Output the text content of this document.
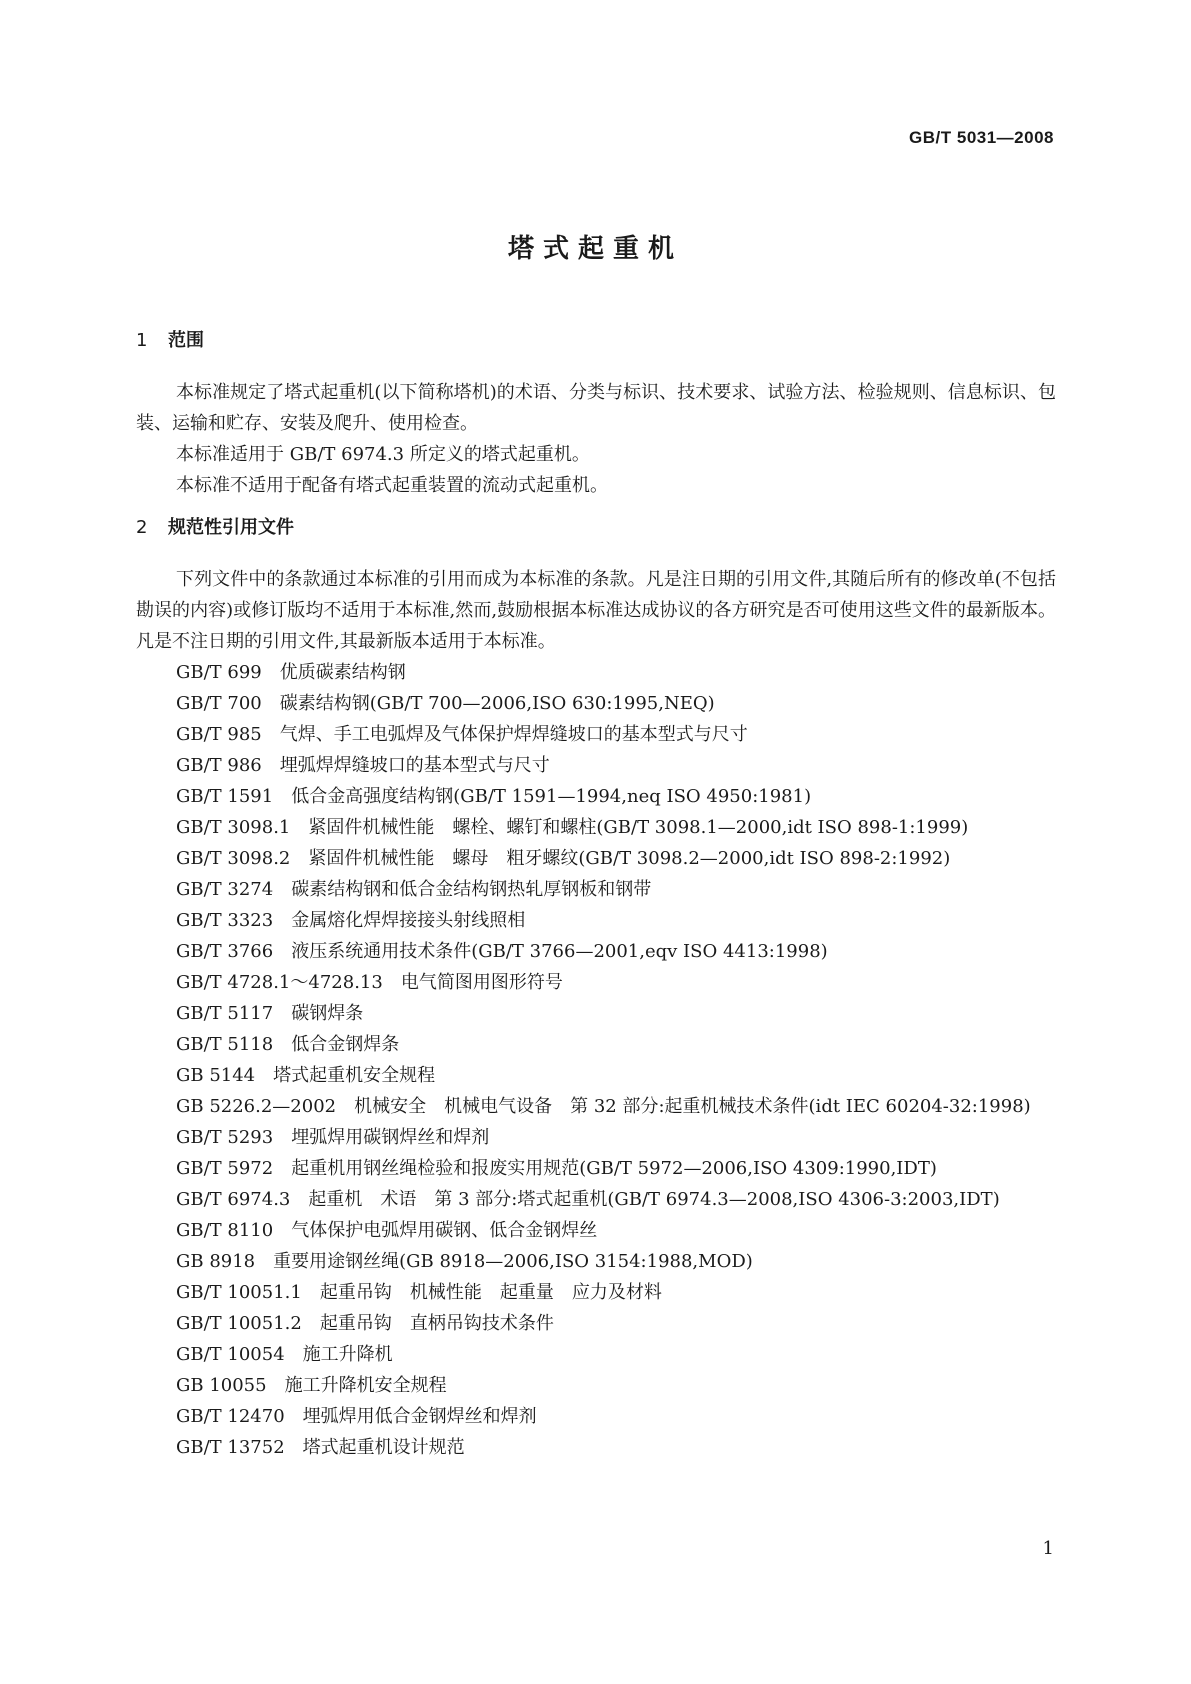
GB/T 5031—2008
塔式起重机
1 范围

本标准规定了塔式起重机(以下简称塔机)的术语、分类与标识、技术要求、试验方法、检验规则、信息标识、包装、运输和贮存、安装及爬升、使用检查。

本标准适用于 GB/T 6974.3 所定义的塔式起重机。

本标准不适用于配备有塔式起重装置的流动式起重机。

2 规范性引用文件

下列文件中的条款通过本标准的引用而成为本标准的条款。凡是注日期的引用文件,其随后所有的修改单(不包括勘误的内容)或修订版均不适用于本标准,然而,鼓励根据本标准达成协议的各方研究是否可使用这些文件的最新版本。凡是不注日期的引用文件,其最新版本适用于本标准。

GB/T 699 优质碳素结构钢

GB/T 700 碳素结构钢(GB/T 700—2006,ISO 630:1995,NEQ)

GB/T 985 气焊、手工电弧焊及气体保护焊焊缝坡口的基本型式与尺寸

GB/T 986 埋弧焊焊缝坡口的基本型式与尺寸

GB/T 1591 低合金高强度结构钢(GB/T 1591—1994,neq ISO 4950:1981)

GB/T 3098.1 紧固件机械性能　螺栓、螺钉和螺柱(GB/T 3098.1—2000,idt ISO 898-1:1999)

GB/T 3098.2 紧固件机械性能　螺母　粗牙螺纹(GB/T 3098.2—2000,idt ISO 898-2:1992)

GB/T 3274 碳素结构钢和低合金结构钢热轧厚钢板和钢带

GB/T 3323 金属熔化焊焊接接头射线照相

GB/T 3766 液压系统通用技术条件(GB/T 3766—2001,eqv ISO 4413:1998)

GB/T 4728.1～4728.13 电气简图用图形符号

GB/T 5117 碳钢焊条

GB/T 5118 低合金钢焊条

GB 5144 塔式起重机安全规程

GB 5226.2—2002 机械安全　机械电气设备　第 32 部分:起重机械技术条件(idt IEC 60204-32:1998)

GB/T 5293 埋弧焊用碳钢焊丝和焊剂

GB/T 5972 起重机用钢丝绳检验和报废实用规范(GB/T 5972—2006,ISO 4309:1990,IDT)

GB/T 6974.3 起重机　术语　第 3 部分:塔式起重机(GB/T 6974.3—2008,ISO 4306-3:2003,IDT)

GB/T 8110 气体保护电弧焊用碳钢、低合金钢焊丝

GB 8918 重要用途钢丝绳(GB 8918—2006,ISO 3154:1988,MOD)

GB/T 10051.1 起重吊钩　机械性能　起重量　应力及材料

GB/T 10051.2 起重吊钩　直柄吊钩技术条件

GB/T 10054 施工升降机

GB 10055 施工升降机安全规程

GB/T 12470 埋弧焊用低合金钢焊丝和焊剂

GB/T 13752 塔式起重机设计规范

1
